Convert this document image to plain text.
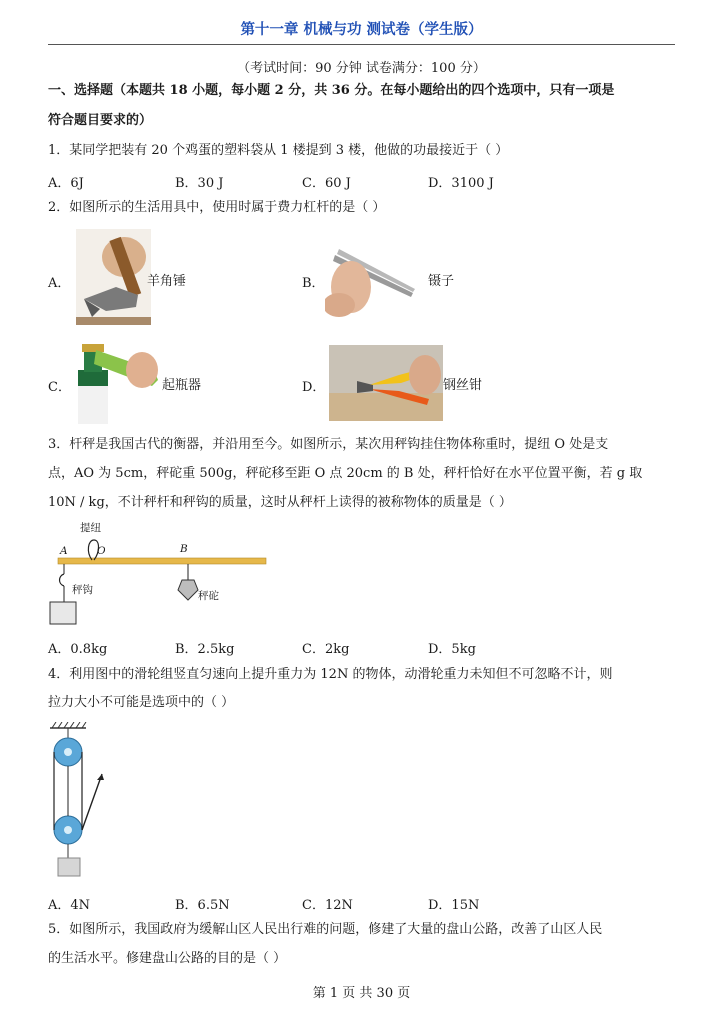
第十一章 机械与功 测试卷（学生版）
（考试时间：90 分钟 试卷满分：100 分）
一、选择题（本题共 18 小题，每小题 2 分，共 36 分。在每小题给出的四个选项中，只有一项是
符合题目要求的）
1．某同学把装有 20 个鸡蛋的塑料袋从 1 楼提到 3 楼，他做的功最接近于（ ）
A．6J	B．30 J	C．60 J	D．3100 J
2．如图所示的生活用具中，使用时属于费力杠杆的是（ ）
A．	羊角锤	B．	镊子
C．	起瓶器	D．	钢丝钳
3．杆秤是我国古代的衡器，并沿用至今。如图所示，某次用秤钩挂住物体称重时，提纽 O 处是支
点，AO 为 5cm，秤砣重 500g，秤砣移至距 O 点 20cm 的 B 处，秤杆恰好在水平位置平衡，若 g 取
10N / kg，不计秤杆和秤钩的质量，这时从秤杆上读得的被称物体的质量是（ ）
提纽
A	O	B
秤钩	秤砣
A．0.8kg	B．2.5kg	C．2kg	D．5kg
4．利用图中的滑轮组竖直匀速向上提升重力为 12N 的物体，动滑轮重力未知但不可忽略不计，则
拉力大小不可能是选项中的（ ）
A．4N	B．6.5N	C．12N	D．15N
5．如图所示，我国政府为缓解山区人民出行难的问题，修建了大量的盘山公路，改善了山区人民
的生活水平。修建盘山公路的目的是（ ）
第 1 页 共 30 页
